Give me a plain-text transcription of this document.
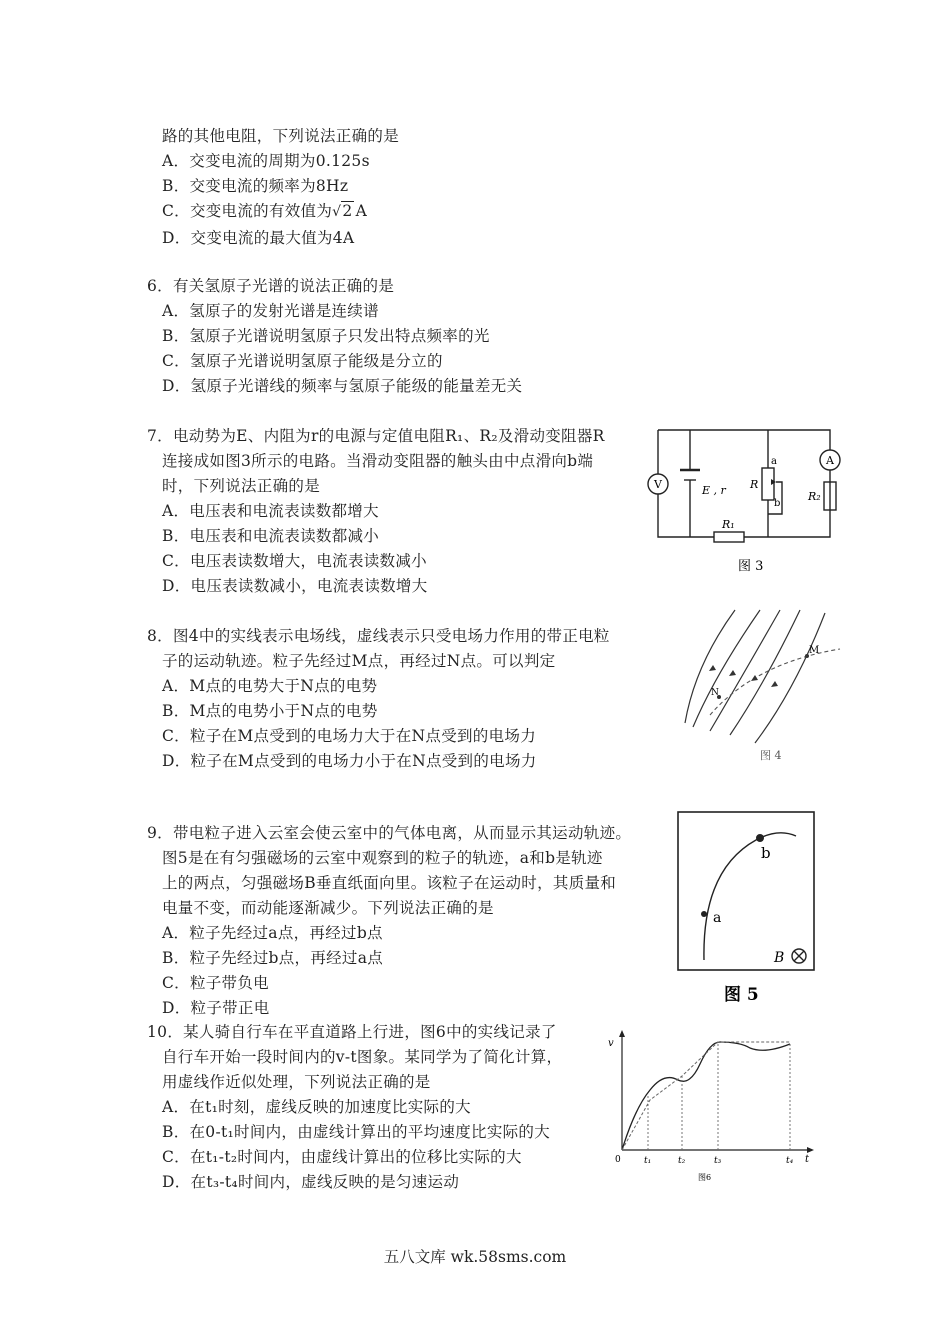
路的其他电阻，下列说法正确的是
A．交变电流的周期为0.125s
B．交变电流的频率为8Hz
C．交变电流的有效值为√2 A
D．交变电流的最大值为4A
6．有关氢原子光谱的说法正确的是
A．氢原子的发射光谱是连续谱
B．氢原子光谱说明氢原子只发出特点频率的光
C．氢原子光谱说明氢原子能级是分立的
D．氢原子光谱线的频率与氢原子能级的能量差无关
7．电动势为E、内阻为r的电源与定值电阻R₁、R₂及滑动变阻器R
连接成如图3所示的电路。当滑动变阻器的触头由中点滑向b端
时，下列说法正确的是
A．电压表和电流表读数都增大
B．电压表和电流表读数都减小
C．电压表读数增大，电流表读数减小
D．电压表读数减小，电流表读数增大
V
A
E , r R
a
b
R₂
R₁
图 3
8．图4中的实线表示电场线，虚线表示只受电场力作用的带正电粒
子的运动轨迹。粒子先经过M点，再经过N点。可以判定
A．M点的电势大于N点的电势
B．M点的电势小于N点的电势
C．粒子在M点受到的电场力大于在N点受到的电场力
D．粒子在M点受到的电场力小于在N点受到的电场力
N
M
图 4
9．带电粒子进入云室会使云室中的气体电离，从而显示其运动轨迹。
图5是在有匀强磁场的云室中观察到的粒子的轨迹，a和b是轨迹
上的两点，匀强磁场B垂直纸面向里。该粒子在运动时，其质量和
电量不变，而动能逐渐减少。下列说法正确的是
A．粒子先经过a点，再经过b点
B．粒子先经过b点，再经过a点
C．粒子带负电
D．粒子带正电
b
a
B
图 5
10．某人骑自行车在平直道路上行进，图6中的实线记录了
自行车开始一段时间内的v-t图象。某同学为了简化计算，
用虚线作近似处理，下列说法正确的是
A．在t₁时刻，虚线反映的加速度比实际的大
B．在0-t₁时间内，由虚线计算出的平均速度比实际的大
C．在t₁-t₂时间内，由虚线计算出的位移比实际的大
D．在t₃-t₄时间内，虚线反映的是匀速运动
v
t
0	t₁	t₂	t₃	t₄
图6
五八文库 wk.58sms.com
